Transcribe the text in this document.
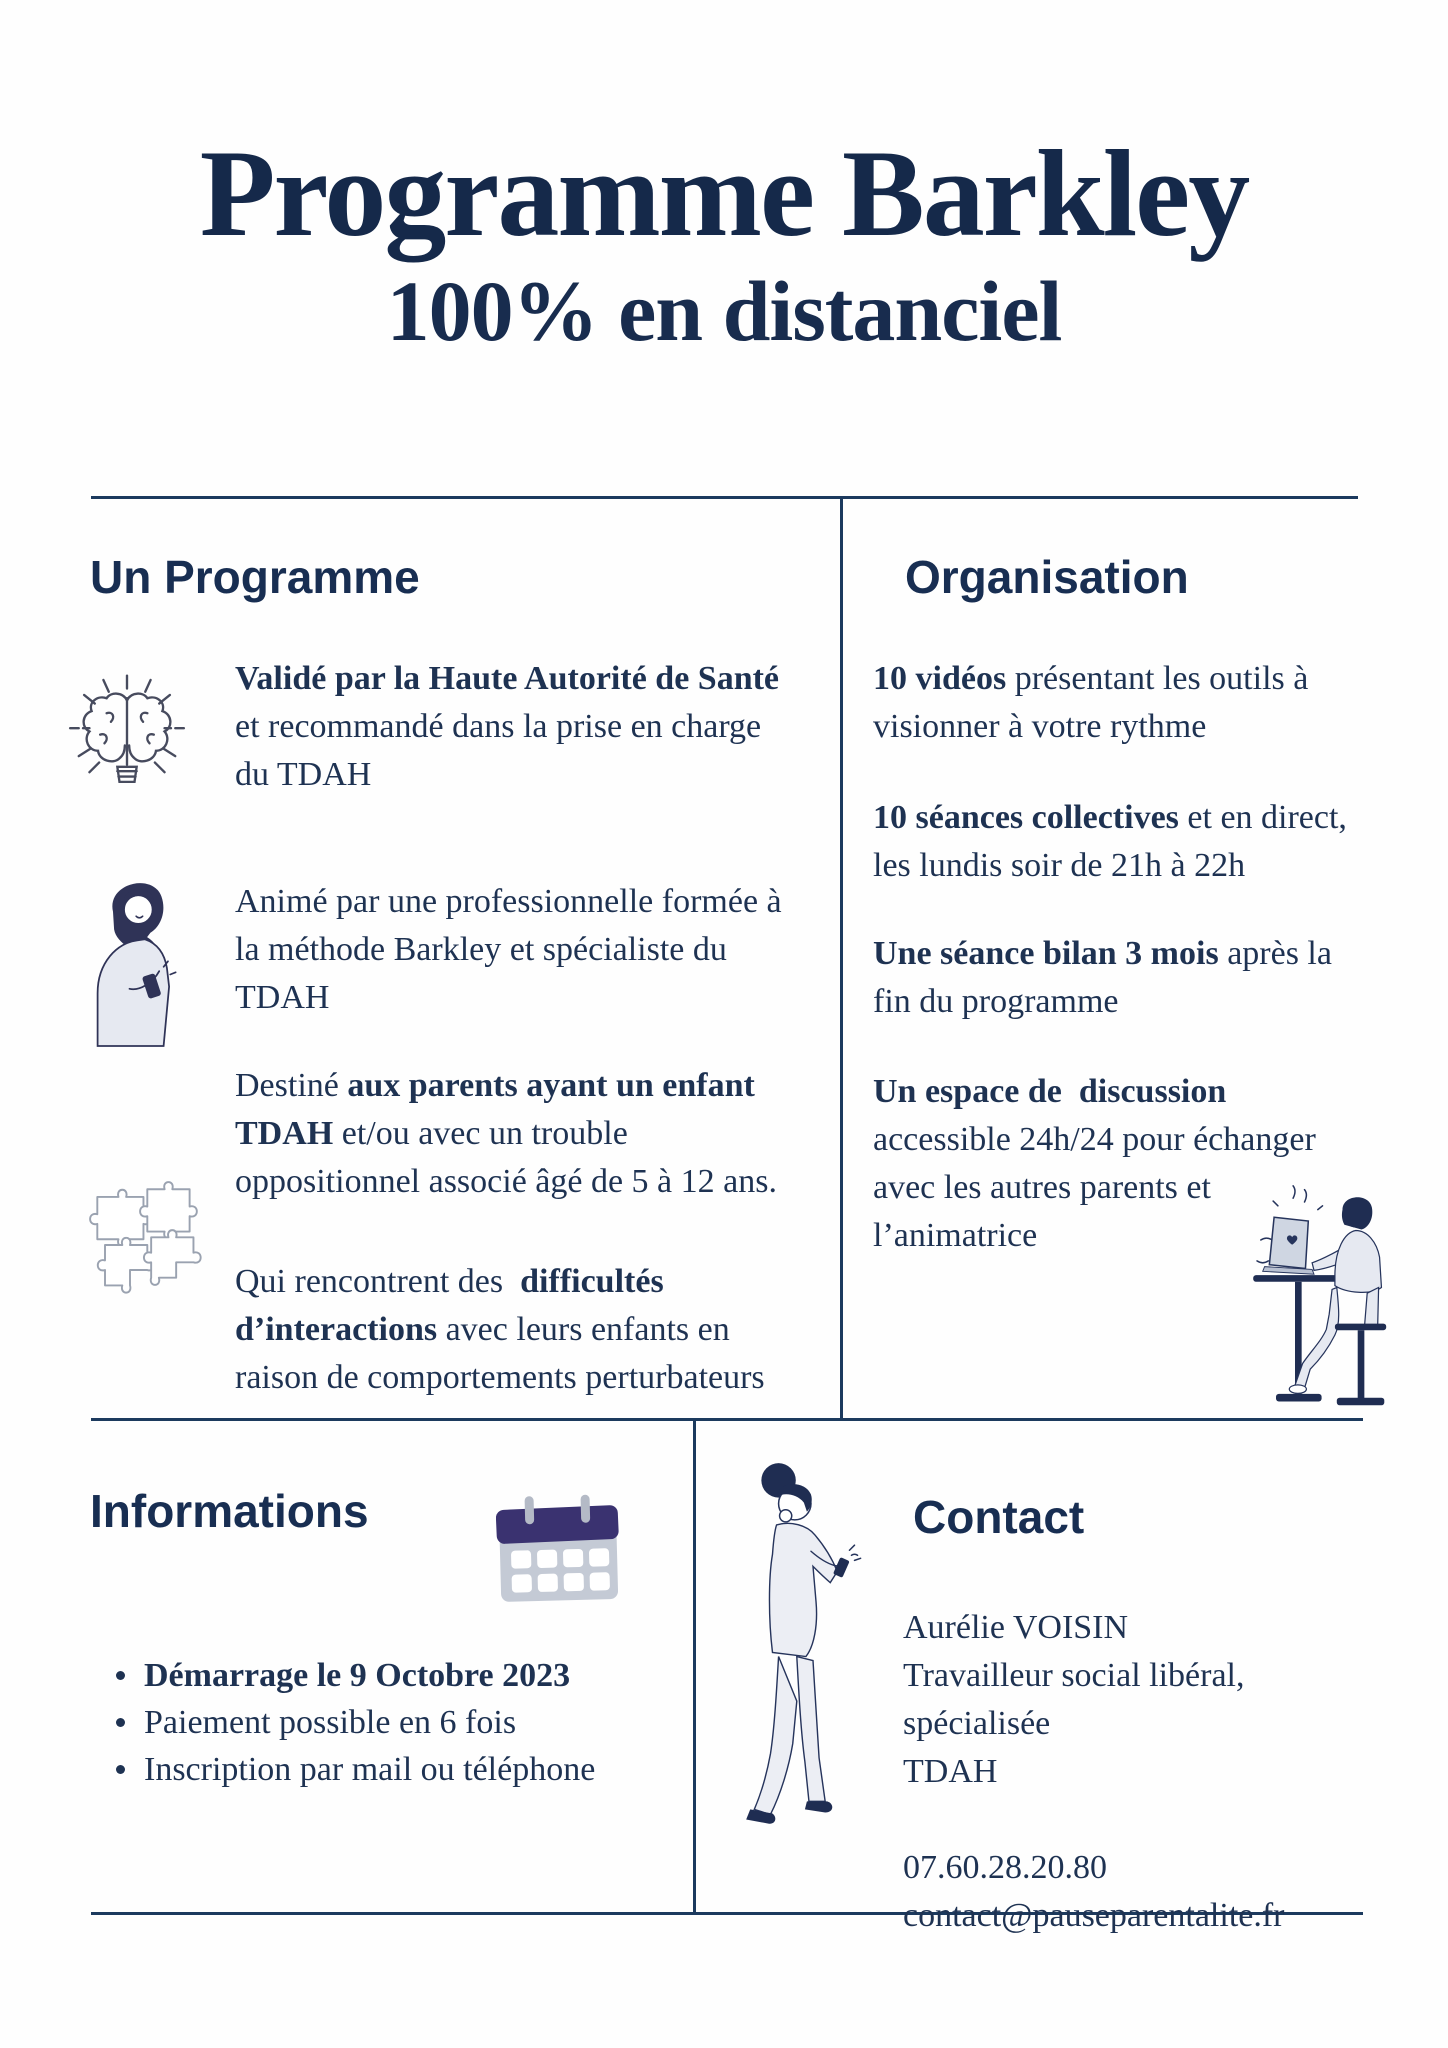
Programme Barkley
100% en distanciel
Un Programme
Validé par la Haute Autorité de Santé
et recommandé dans la prise en charge
du TDAH
Animé par une professionnelle formée à
la méthode Barkley et spécialiste du
TDAH
Destiné aux parents ayant un enfant
TDAH et/ou avec un trouble
oppositionnel associé âgé de 5 à 12 ans.
Qui rencontrent des  difficultés
d’interactions avec leurs enfants en
raison de comportements perturbateurs
Organisation
10 vidéos présentant les outils à
visionner à votre rythme
10 séances collectives et en direct,
les lundis soir de 21h à 22h
Une séance bilan 3 mois après la
fin du programme
Un espace de  discussion
accessible 24h/24 pour échanger
avec les autres parents et
l’animatrice
Informations
Démarrage le 9 Octobre 2023
Paiement possible en 6 fois
Inscription par mail ou téléphone
Contact
Aurélie VOISIN
Travailleur social libéral, spécialisée
TDAH
07.60.28.20.80
contact@pauseparentalite.fr
